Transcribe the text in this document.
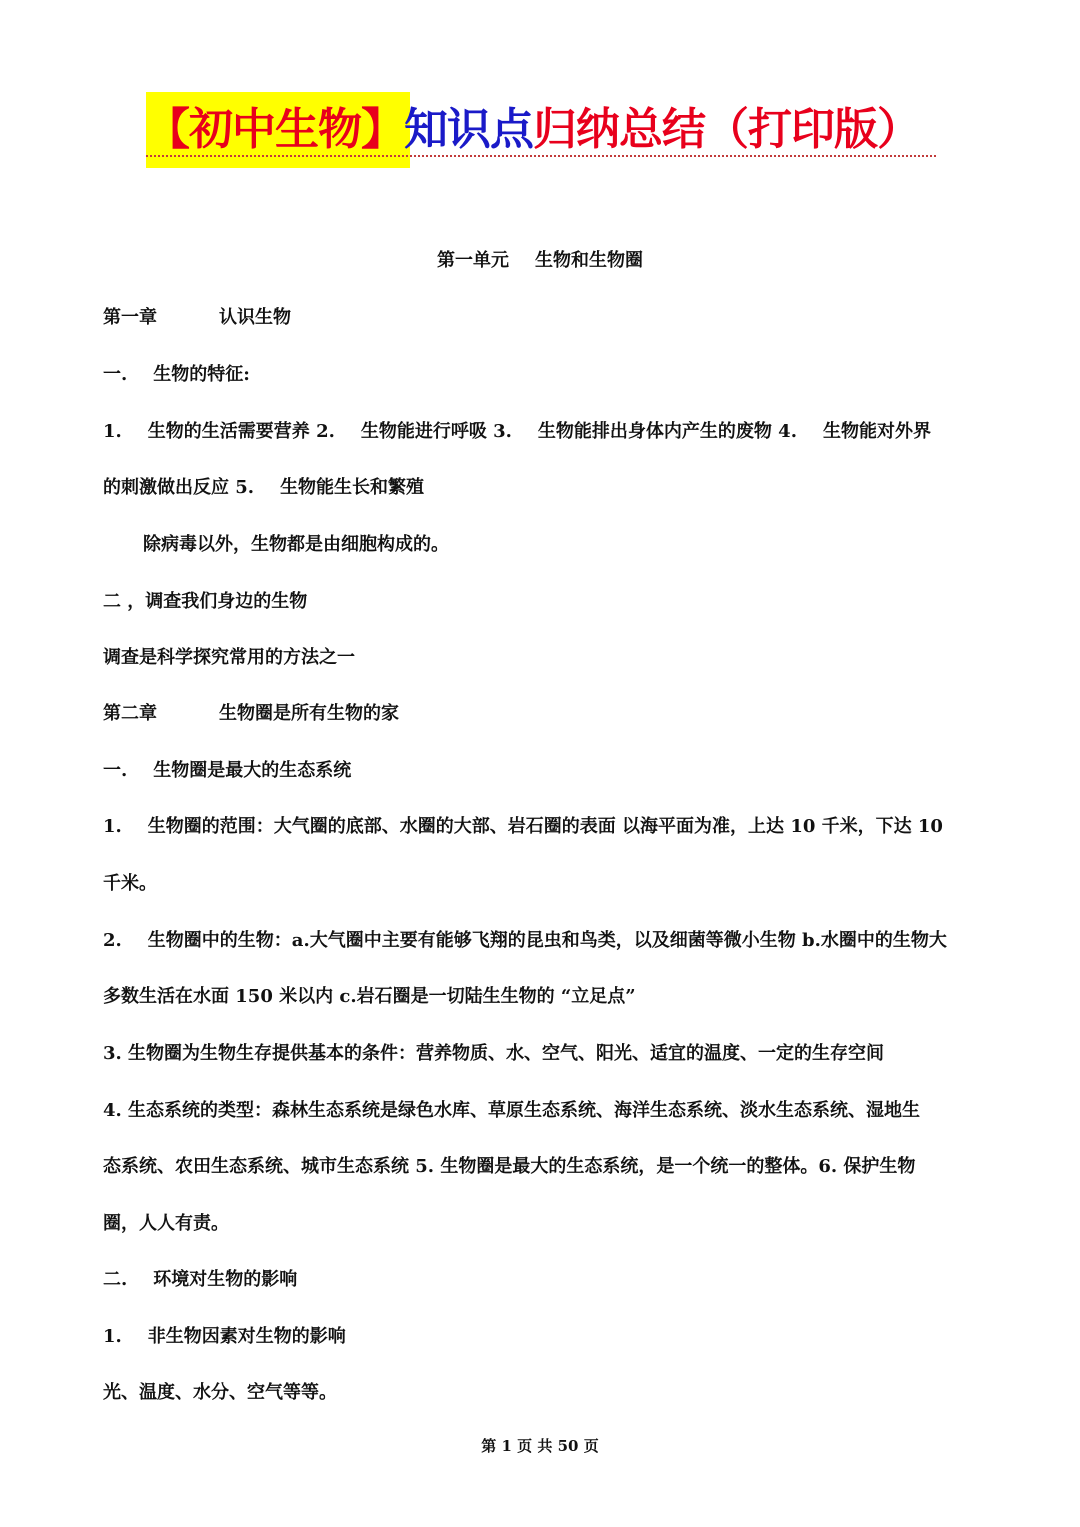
【初中生物】知识点归纳总结（打印版）
第一单元 生物和生物圈
第一章	认识生物
一. 生物的特征:
1. 生物的生活需要营养 2. 生物能进行呼吸 3. 生物能排出身体内产生的废物 4. 生物能对外界
的刺激做出反应 5. 生物能生长和繁殖
除病毒以外，生物都是由细胞构成的。
二 ，调查我们身边的生物
调查是科学探究常用的方法之一
第二章	生物圈是所有生物的家
一. 生物圈是最大的生态系统
1. 生物圈的范围：大气圈的底部、水圈的大部、岩石圈的表面 以海平面为准，上达 10 千米，下达 10
千米。
2. 生物圈中的生物：a.大气圈中主要有能够飞翔的昆虫和鸟类，以及细菌等微小生物 b.水圈中的生物大
多数生活在水面 150 米以内 c.岩石圈是一切陆生生物的 “立足点”
3. 生物圈为生物生存提供基本的条件：营养物质、水、空气、阳光、适宜的温度、一定的生存空间
4. 生态系统的类型：森林生态系统是绿色水库、草原生态系统、海洋生态系统、淡水生态系统、湿地生
态系统、农田生态系统、城市生态系统 5. 生物圈是最大的生态系统，是一个统一的整体。6. 保护生物
圈，人人有责。
二. 环境对生物的影响
1. 非生物因素对生物的影响
光、温度、水分、空气等等。
第 1 页 共 50 页
